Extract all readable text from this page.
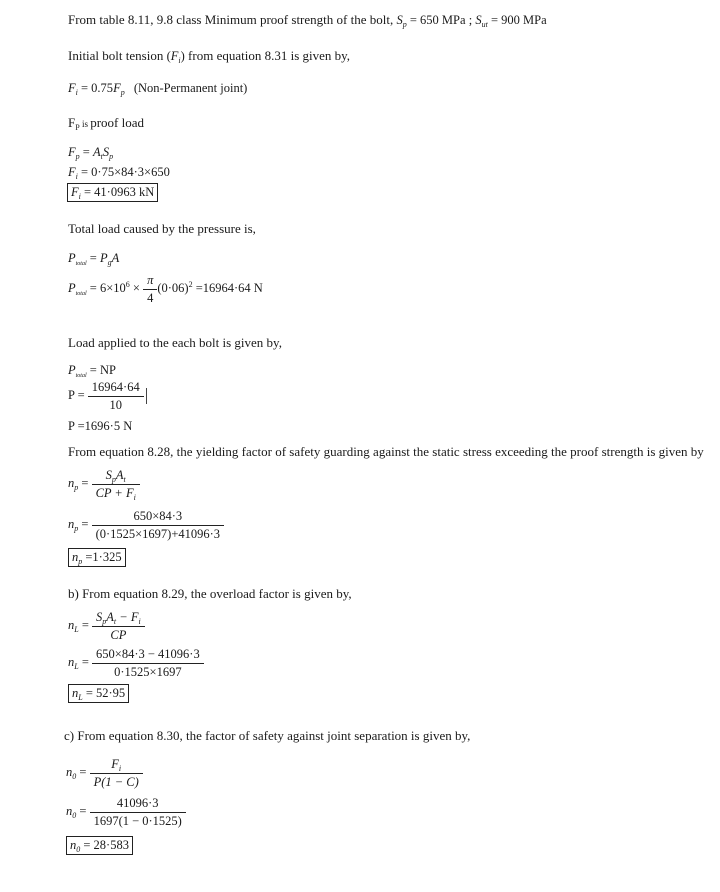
From table 8.11, 9.8 class Minimum proof strength of the bolt, $S_p = 650$ MPa ; $S_{ut} = 900$ MPa
Initial bolt tension $(F_i)$ from equation 8.31 is given by,
$F_i = 0.75F_p$ (Non-Permanent joint)
$F_P$ is proof load
$F_p = A_tS_p$
$F_i = 0\cdot 75\times 84\cdot 3\times 650$
$F_i = 41\cdot 0963$ kN
Total load caused by the pressure is,
$P_{total} = P_gA$
$P_{total} = 6\times 10^6 \times \frac{\pi}{4} (0\cdot 06)^2 =16964\cdot 64$ N
Load applied to the each bolt is given by,
$P_{total}$ = NP
$P = \frac{16964\cdot 64}{10}$
P =1696·5 N
From equation 8.28, the yielding factor of safety guarding against the static stress exceeding the proof strength is given by
$n_p = \frac{S_pA_t}{CP + F_i}$
$n_p = \frac{650\times 84\cdot 3}{(0\cdot 1525\times 1697)+41096\cdot 3}$
$n_p =1\cdot 325$
b) From equation 8.29, the overload factor is given by,
$n_L = \frac{S_pA_t - F_i}{CP}$
$n_L = \frac{650\times 84\cdot 3 - 41096\cdot 3}{0\cdot 1525\times 1697}$
$n_L = 52\cdot 95$
c) From equation 8.30, the factor of safety against joint separation is given by,
$n_0 = \frac{F_i}{P(1 - C)}$
$n_0 = \frac{41096\cdot 3}{1697(1 - 0\cdot 1525)}$
$n_0 = 28\cdot 583$
